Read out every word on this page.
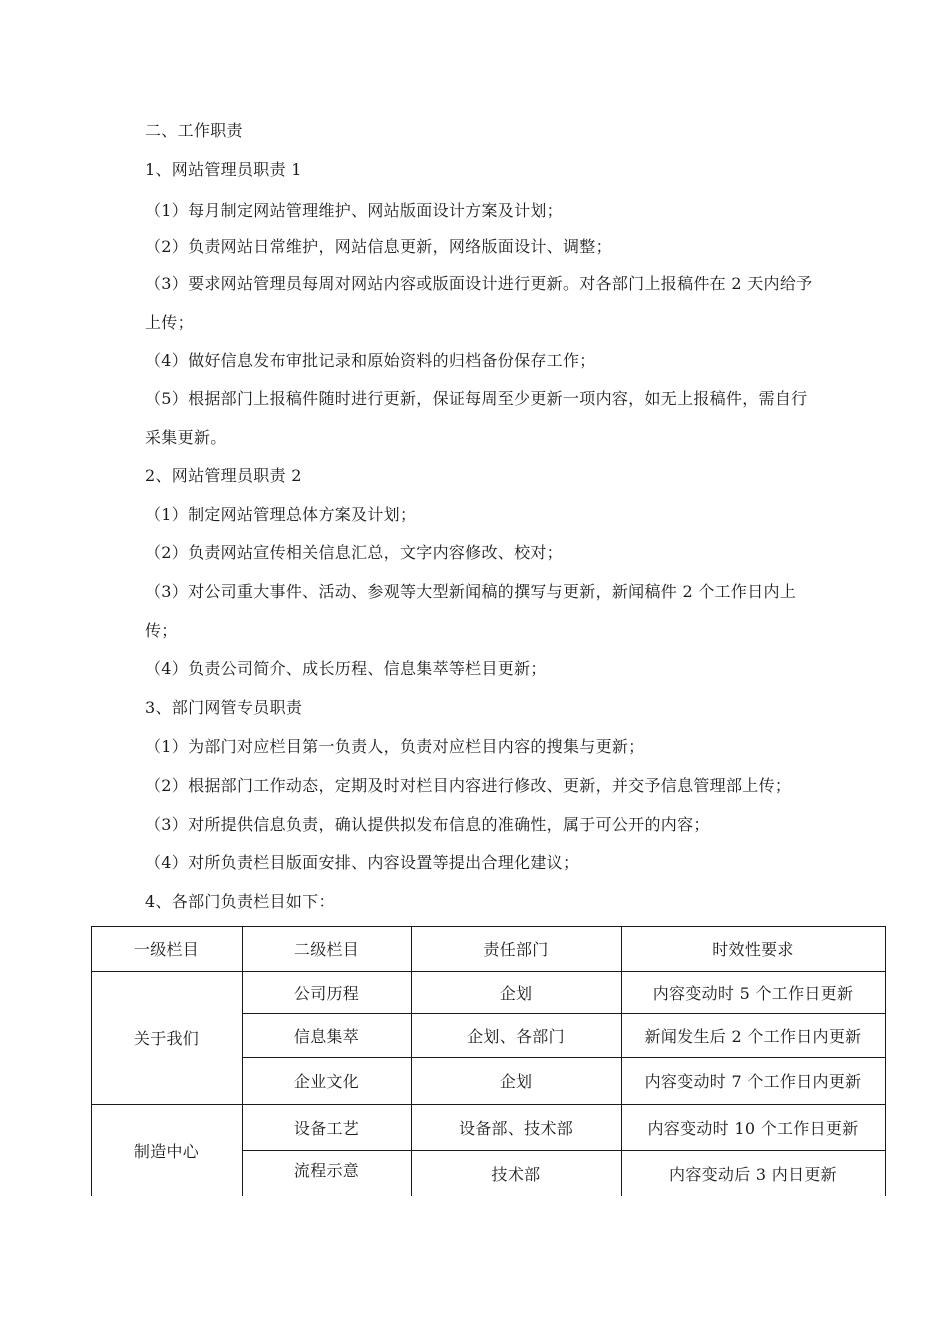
二、工作职责
1、网站管理员职责 1
（1）每月制定网站管理维护、网站版面设计方案及计划；
（2）负责网站日常维护，网站信息更新，网络版面设计、调整；
（3）要求网站管理员每周对网站内容或版面设计进行更新。对各部门上报稿件在 2 天内给予
上传；
（4）做好信息发布审批记录和原始资料的归档备份保存工作；
（5）根据部门上报稿件随时进行更新，保证每周至少更新一项内容，如无上报稿件，需自行
采集更新。
2、网站管理员职责 2
（1）制定网站管理总体方案及计划；
（2）负责网站宣传相关信息汇总，文字内容修改、校对；
（3）对公司重大事件、活动、参观等大型新闻稿的撰写与更新，新闻稿件 2 个工作日内上
传；
（4）负责公司简介、成长历程、信息集萃等栏目更新；
3、部门网管专员职责
（1）为部门对应栏目第一负责人，负责对应栏目内容的搜集与更新；
（2）根据部门工作动态，定期及时对栏目内容进行修改、更新，并交予信息管理部上传；
（3）对所提供信息负责，确认提供拟发布信息的准确性，属于可公开的内容；
（4）对所负责栏目版面安排、内容设置等提出合理化建议；
4、各部门负责栏目如下：
一级栏目	二级栏目	责任部门	时效性要求
关于我们
公司历程	企划	内容变动时 5 个工作日更新
信息集萃	企划、各部门	新闻发生后 2 个工作日内更新
企业文化	企划	内容变动时 7 个工作日内更新
制造中心
设备工艺	设备部、技术部	内容变动时 10 个工作日更新
流程示意	技术部	内容变动后 3 内日更新
